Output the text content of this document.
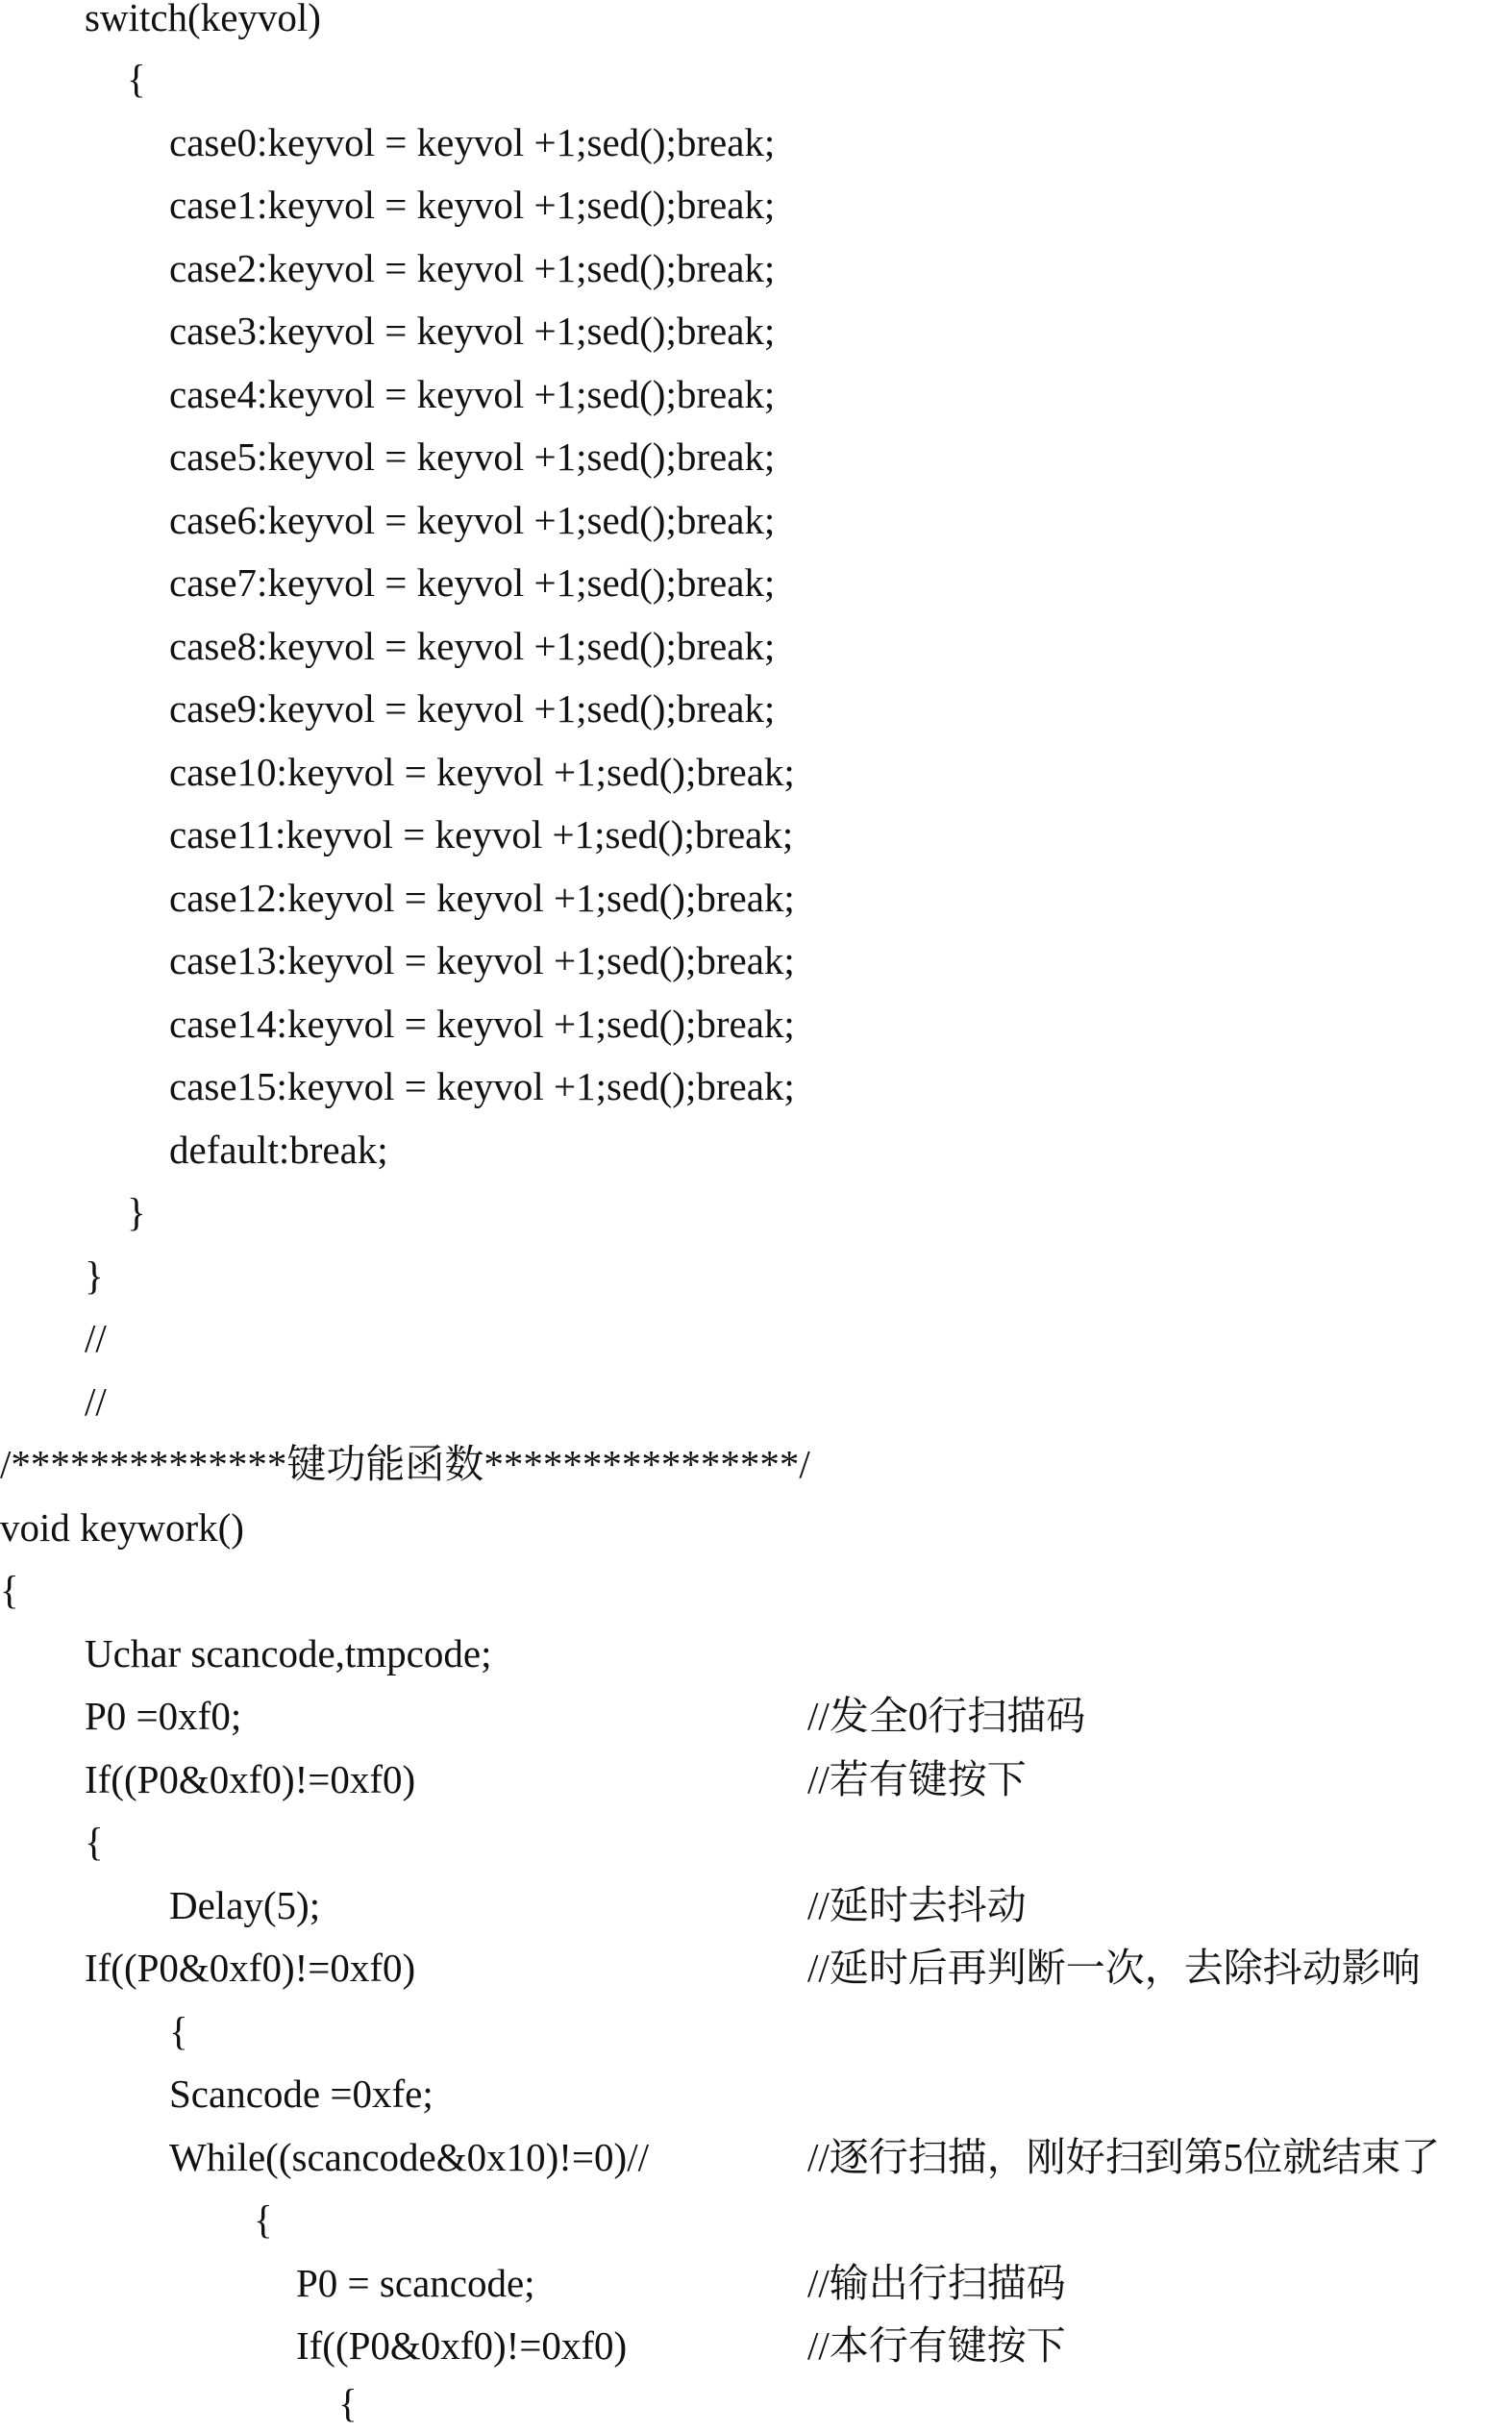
switch(keyvol)
{
case0:keyvol = keyvol +1;sed();break;
case1:keyvol = keyvol +1;sed();break;
case2:keyvol = keyvol +1;sed();break;
case3:keyvol = keyvol +1;sed();break;
case4:keyvol = keyvol +1;sed();break;
case5:keyvol = keyvol +1;sed();break;
case6:keyvol = keyvol +1;sed();break;
case7:keyvol = keyvol +1;sed();break;
case8:keyvol = keyvol +1;sed();break;
case9:keyvol = keyvol +1;sed();break;
case10:keyvol = keyvol +1;sed();break;
case11:keyvol = keyvol +1;sed();break;
case12:keyvol = keyvol +1;sed();break;
case13:keyvol = keyvol +1;sed();break;
case14:keyvol = keyvol +1;sed();break;
case15:keyvol = keyvol +1;sed();break;
default:break;
}
}
//
//
/**************键功能函数****************/
void keywork()
{
Uchar scancode,tmpcode;
P0 =0xf0;	//发全0行扫描码
If((P0&0xf0)!=0xf0)	//若有键按下
{
Delay(5);	//延时去抖动
If((P0&0xf0)!=0xf0)	//延时后再判断一次，去除抖动影响
{
Scancode =0xfe;
While((scancode&0x10)!=0)//	//逐行扫描，刚好扫到第5位就结束了
{
P0 = scancode;	//输出行扫描码
If((P0&0xf0)!=0xf0)	//本行有键按下
{
